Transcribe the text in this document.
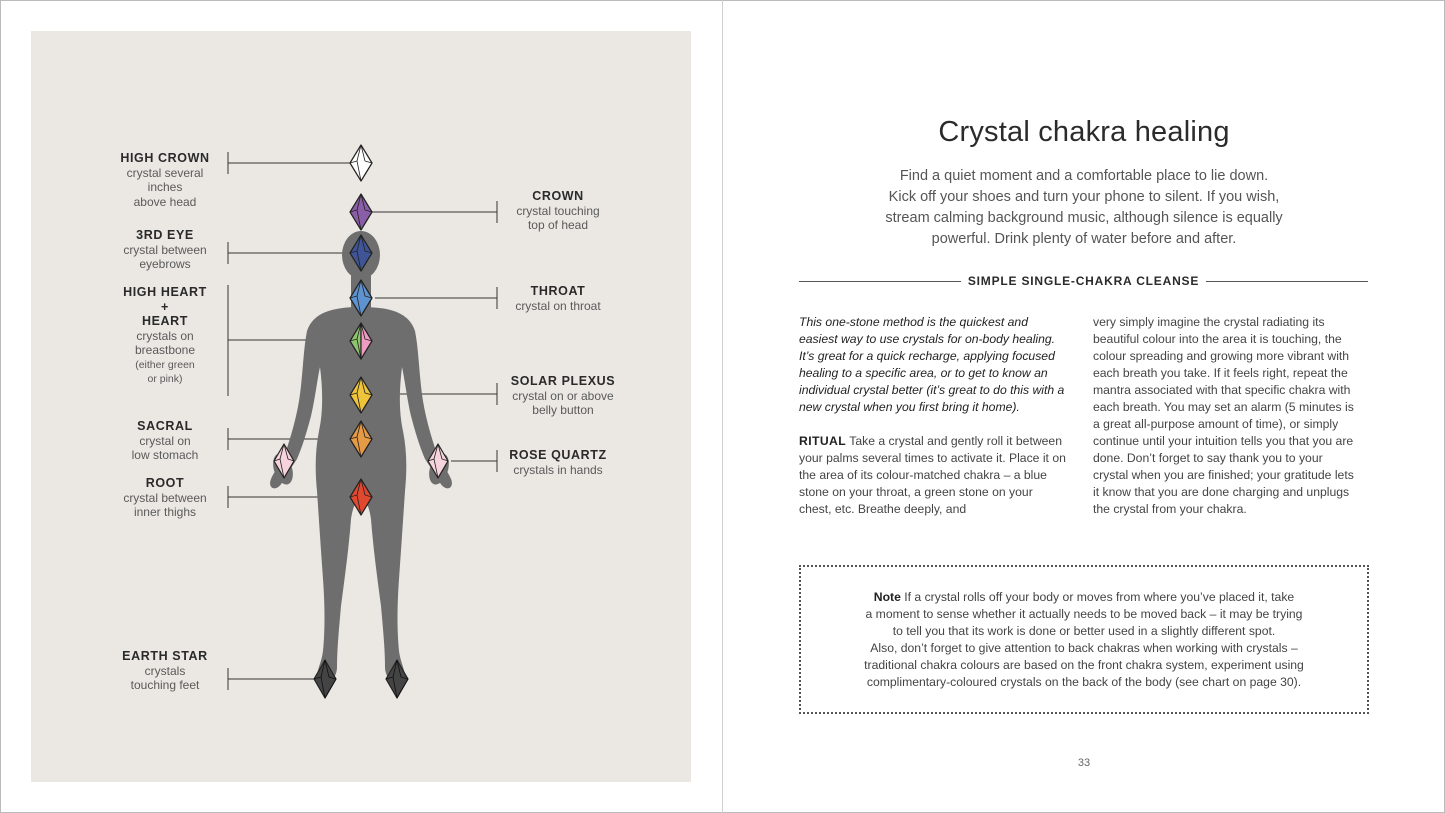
HIGH CROWN
crystal several
inches
above head	CROWN
crystal touching
top of head
3RD EYE
crystal between
eyebrows
THROAT
crystal on throat
HIGH HEART
+
HEART
crystals on
breastbone
(either green
or pink)	SOLAR PLEXUS
crystal on or above
belly button
SACRAL
crystal on
low stomach	ROSE QUARTZ
crystals in hands
ROOT
crystal between
inner thighs
EARTH STAR
crystals
touching feet
Crystal chakra healing
Find a quiet moment and a comfortable place to lie down.
Kick off your shoes and turn your phone to silent. If you wish,
stream calming background music, although silence is equally
powerful. Drink plenty of water before and after.
SIMPLE SINGLE-CHAKRA CLEANSE

This one-stone method is the quickest and easiest way to use crystals for on-body healing. It’s great for a quick recharge, applying focused healing to a specific area, or to get to know an individual crystal better (it’s great to do this with a new crystal when you first bring it home).

RITUAL Take a crystal and gently roll it between your palms several times to activate it. Place it on the area of its colour-matched chakra – a blue stone on your throat, a green stone on your chest, etc. Breathe deeply, and

very simply imagine the crystal radiating its beautiful colour into the area it is touching, the colour spreading and growing more vibrant with each breath you take. If it feels right, repeat the mantra associated with that specific chakra with each breath. You may set an alarm (5 minutes is a great all-purpose amount of time), or simply continue until your intuition tells you that you are done. Don’t forget to say thank you to your crystal when you are finished; your gratitude lets it know that you are done charging and unplugs the crystal from your chakra.

Note If a crystal rolls off your body or moves from where you’ve placed it, take
a moment to sense whether it actually needs to be moved back – it may be trying
to tell you that its work is done or better used in a slightly different spot.
Also, don’t forget to give attention to back chakras when working with crystals –
traditional chakra colours are based on the front chakra system, experiment using
complimentary-coloured crystals on the back of the body (see chart on page 30).
33
